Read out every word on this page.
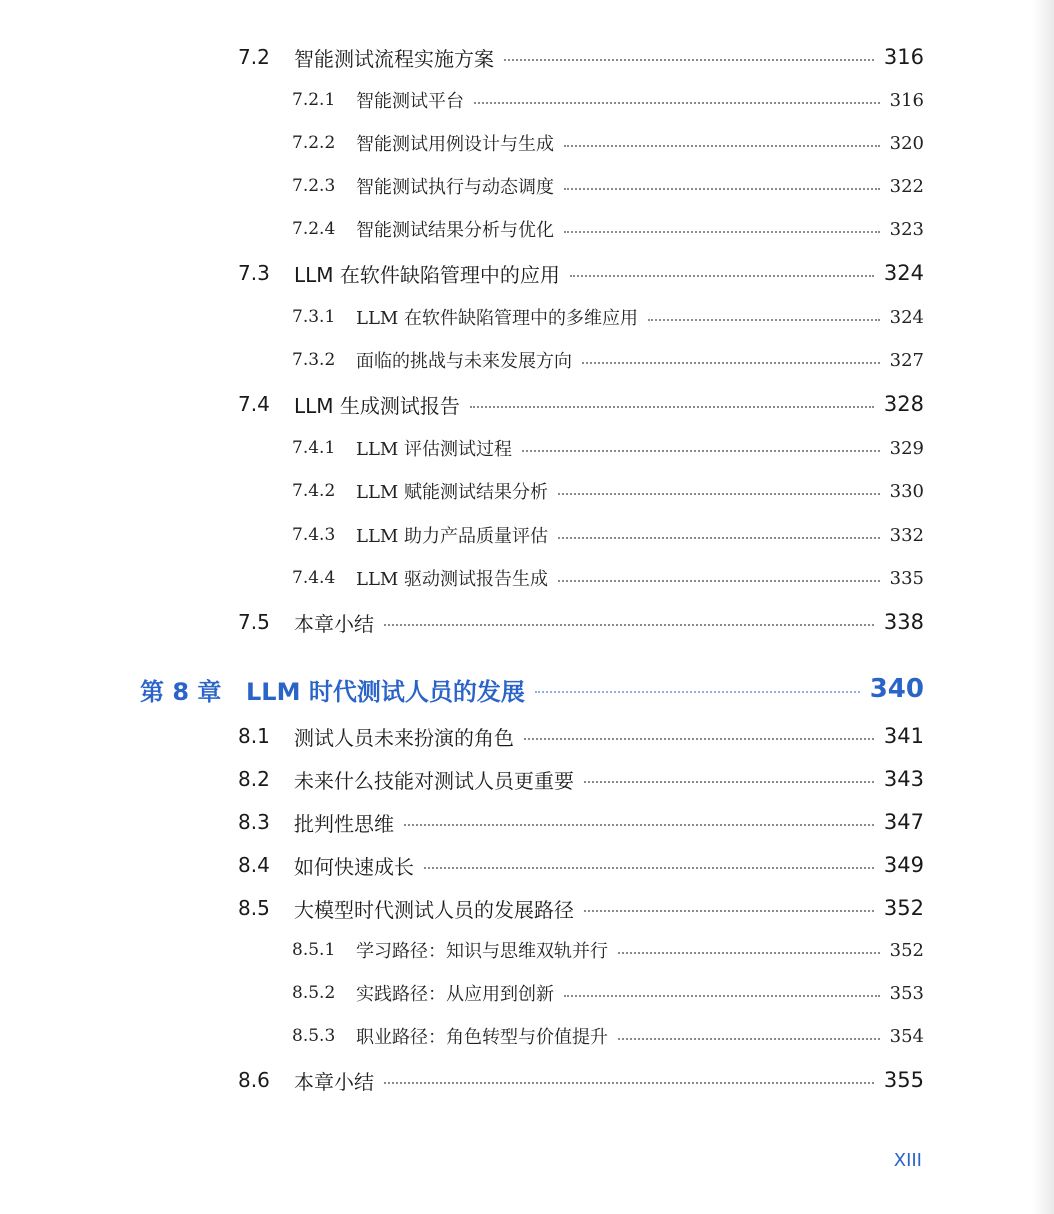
7.2	智能测试流程实施方案	316
7.2.1	智能测试平台	316
7.2.2	智能测试用例设计与生成	320
7.2.3	智能测试执行与动态调度	322
7.2.4	智能测试结果分析与优化	323
7.3	LLM 在软件缺陷管理中的应用	324
7.3.1	LLM 在软件缺陷管理中的多维应用	324
7.3.2	面临的挑战与未来发展方向	327
7.4	LLM 生成测试报告	328
7.4.1	LLM 评估测试过程	329
7.4.2	LLM 赋能测试结果分析	330
7.4.3	LLM 助力产品质量评估	332
7.4.4	LLM 驱动测试报告生成	335
7.5	本章小结	338
第 8 章	LLM 时代测试人员的发展	340
8.1	测试人员未来扮演的角色	341
8.2	未来什么技能对测试人员更重要	343
8.3	批判性思维	347
8.4	如何快速成长	349
8.5	大模型时代测试人员的发展路径	352
8.5.1	学习路径：知识与思维双轨并行	352
8.5.2	实践路径：从应用到创新	353
8.5.3	职业路径：角色转型与价值提升	354
8.6	本章小结	355
XIII
